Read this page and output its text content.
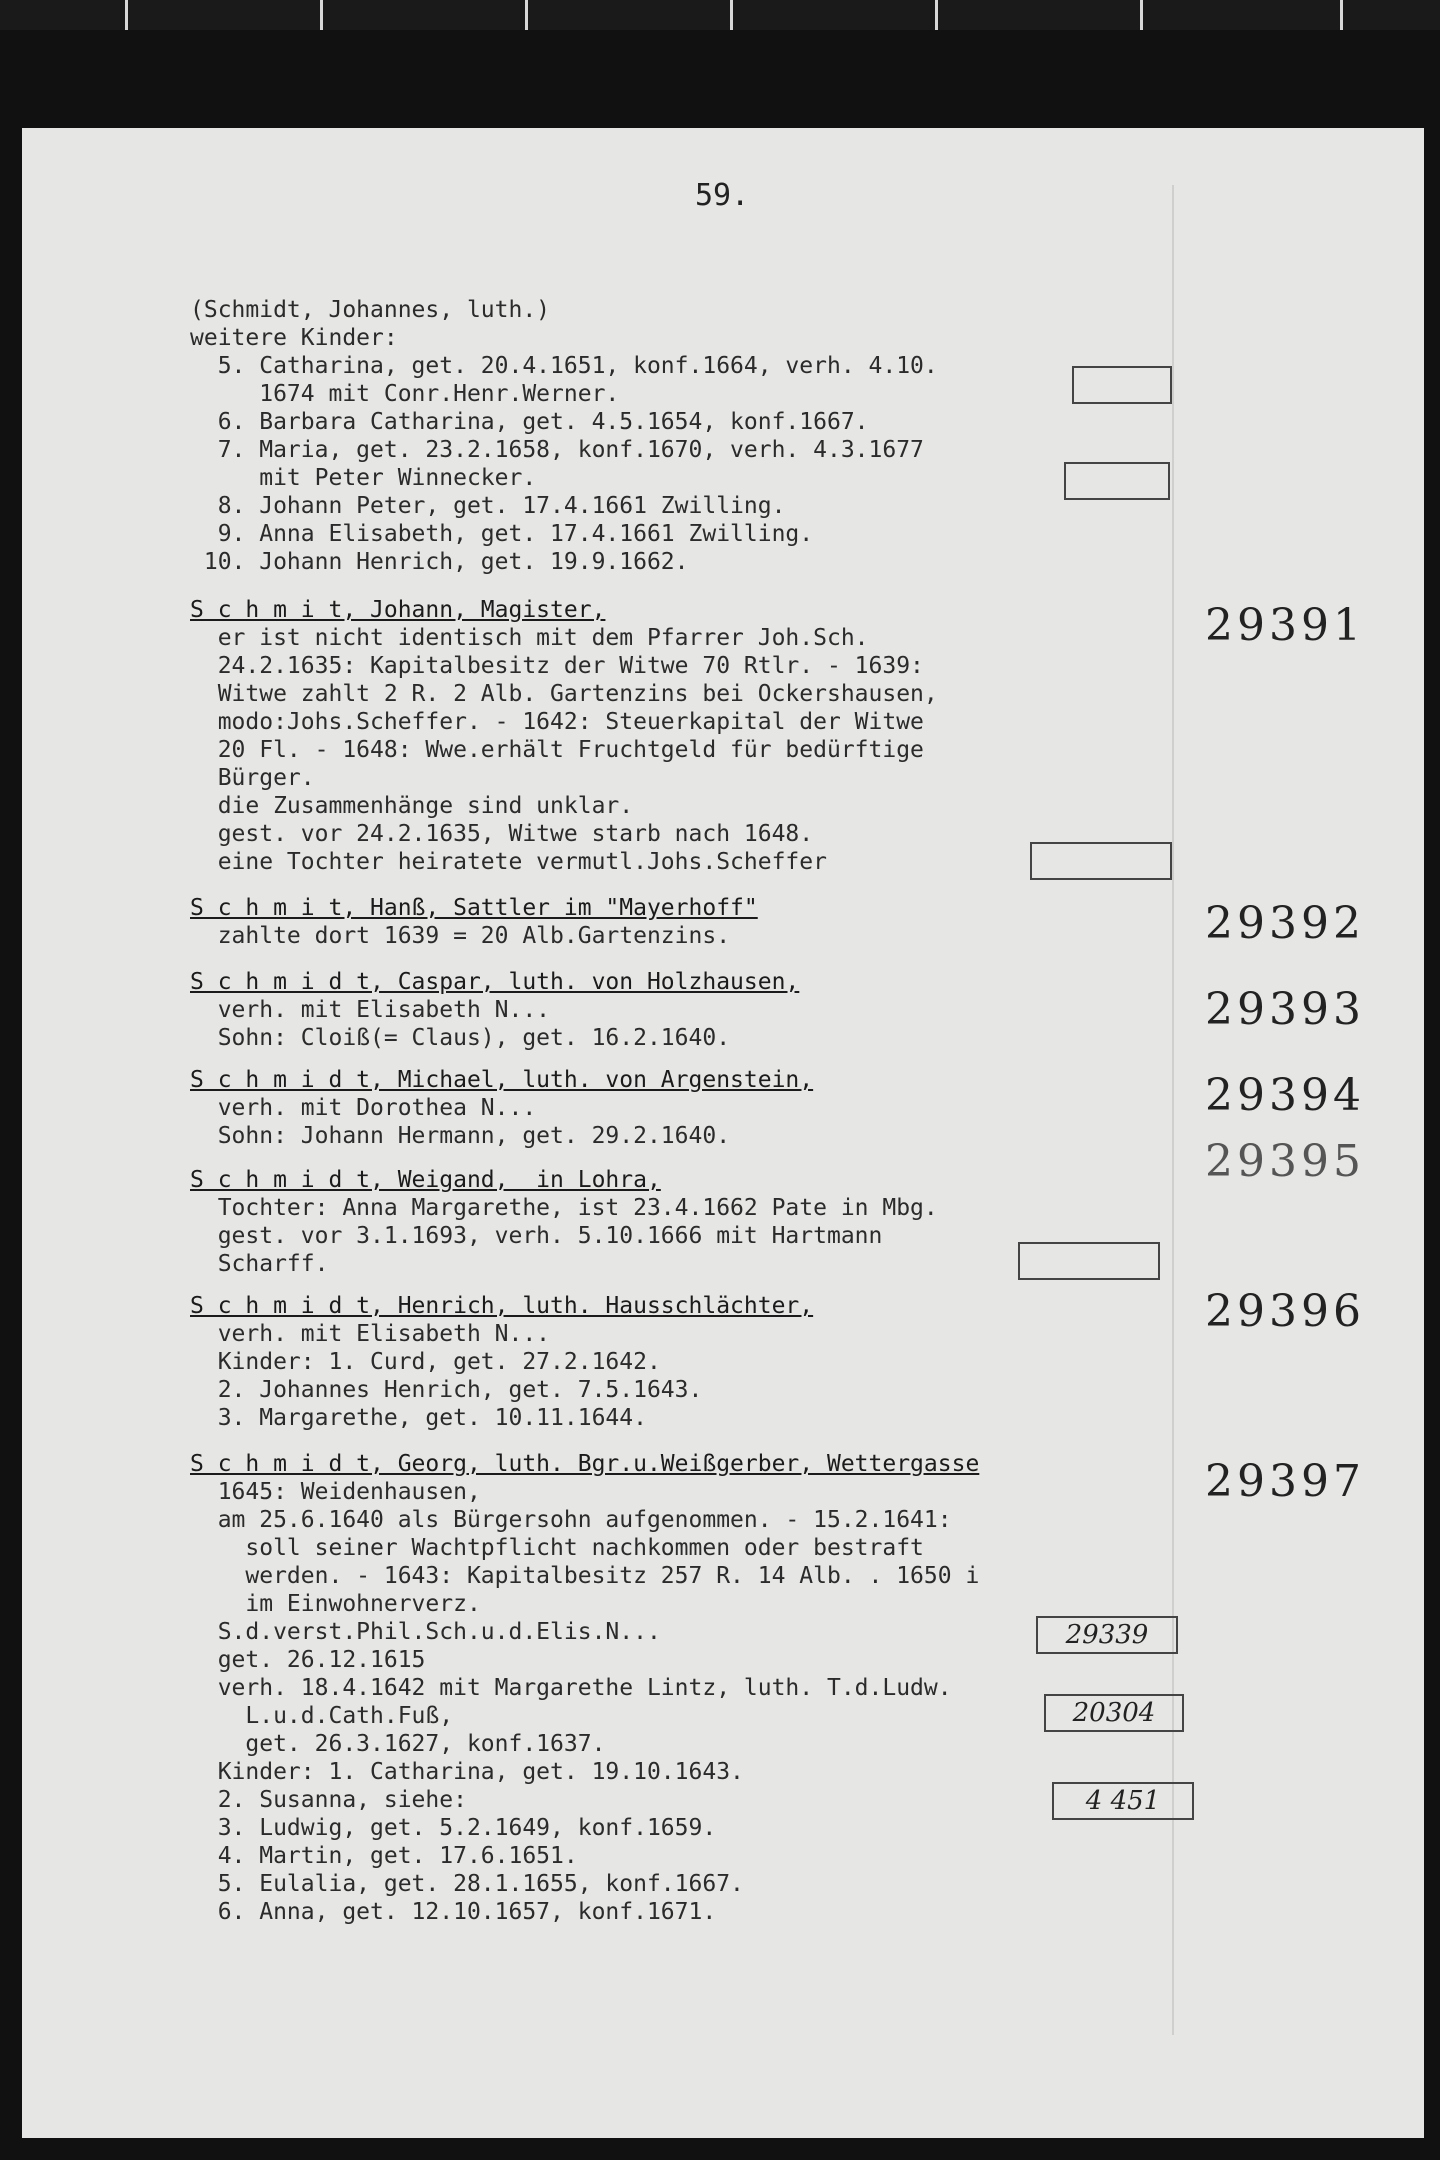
59.
(Schmidt, Johannes, luth.)
weitere Kinder:
5. Catharina, get. 20.4.1651, konf.1664, verh. 4.10.
1674 mit Conr.Henr.Werner.
6. Barbara Catharina, get. 4.5.1654, konf.1667.
7. Maria, get. 23.2.1658, konf.1670, verh. 4.3.1677
mit Peter Winnecker.
8. Johann Peter, get. 17.4.1661 Zwilling.
9. Anna Elisabeth, get. 17.4.1661 Zwilling.
10. Johann Henrich, get. 19.9.1662.
S c h m i t, Johann, Magister,
er ist nicht identisch mit dem Pfarrer Joh.Sch.
24.2.1635: Kapitalbesitz der Witwe 70 Rtlr. - 1639:
Witwe zahlt 2 R. 2 Alb. Gartenzins bei Ockershausen,
modo:Johs.Scheffer. - 1642: Steuerkapital der Witwe
20 Fl. - 1648: Wwe.erhält Fruchtgeld für bedürftige
Bürger.
die Zusammenhänge sind unklar.
gest. vor 24.2.1635, Witwe starb nach 1648.
eine Tochter heiratete vermutl.Johs.Scheffer
29391
S c h m i t, Hanß, Sattler im "Mayerhoff"
zahlte dort 1639 = 20 Alb.Gartenzins.	29392
S c h m i d t, Caspar, luth. von Holzhausen,
verh. mit Elisabeth N...
Sohn: Cloiß(= Claus), get. 16.2.1640.
29393
S c h m i d t, Michael, luth. von Argenstein,
verh. mit Dorothea N...
Sohn: Johann Hermann, get. 29.2.1640.
29394
S c h m i d t, Weigand,  in Lohra,
Tochter: Anna Margarethe, ist 23.4.1662 Pate in Mbg.
gest. vor 3.1.1693, verh. 5.10.1666 mit Hartmann
Scharff.
29395
S c h m i d t, Henrich, luth. Hausschlächter,
verh. mit Elisabeth N...
Kinder: 1. Curd, get. 27.2.1642.
2. Johannes Henrich, get. 7.5.1643.
3. Margarethe, get. 10.11.1644.
29396
S c h m i d t, Georg, luth. Bgr.u.Weißgerber, Wettergasse
1645: Weidenhausen,
am 25.6.1640 als Bürgersohn aufgenommen. - 15.2.1641:
soll seiner Wachtpflicht nachkommen oder bestraft
werden. - 1643: Kapitalbesitz 257 R. 14 Alb. . 1650 i
im Einwohnerverz.
S.d.verst.Phil.Sch.u.d.Elis.N...
get. 26.12.1615
verh. 18.4.1642 mit Margarethe Lintz, luth. T.d.Ludw.
L.u.d.Cath.Fuß,
get. 26.3.1627, konf.1637.
Kinder: 1. Catharina, get. 19.10.1643.
2. Susanna, siehe:
3. Ludwig, get. 5.2.1649, konf.1659.
4. Martin, get. 17.6.1651.
5. Eulalia, get. 28.1.1655, konf.1667.
6. Anna, get. 12.10.1657, konf.1671.
29397
29339
20304
4 451
